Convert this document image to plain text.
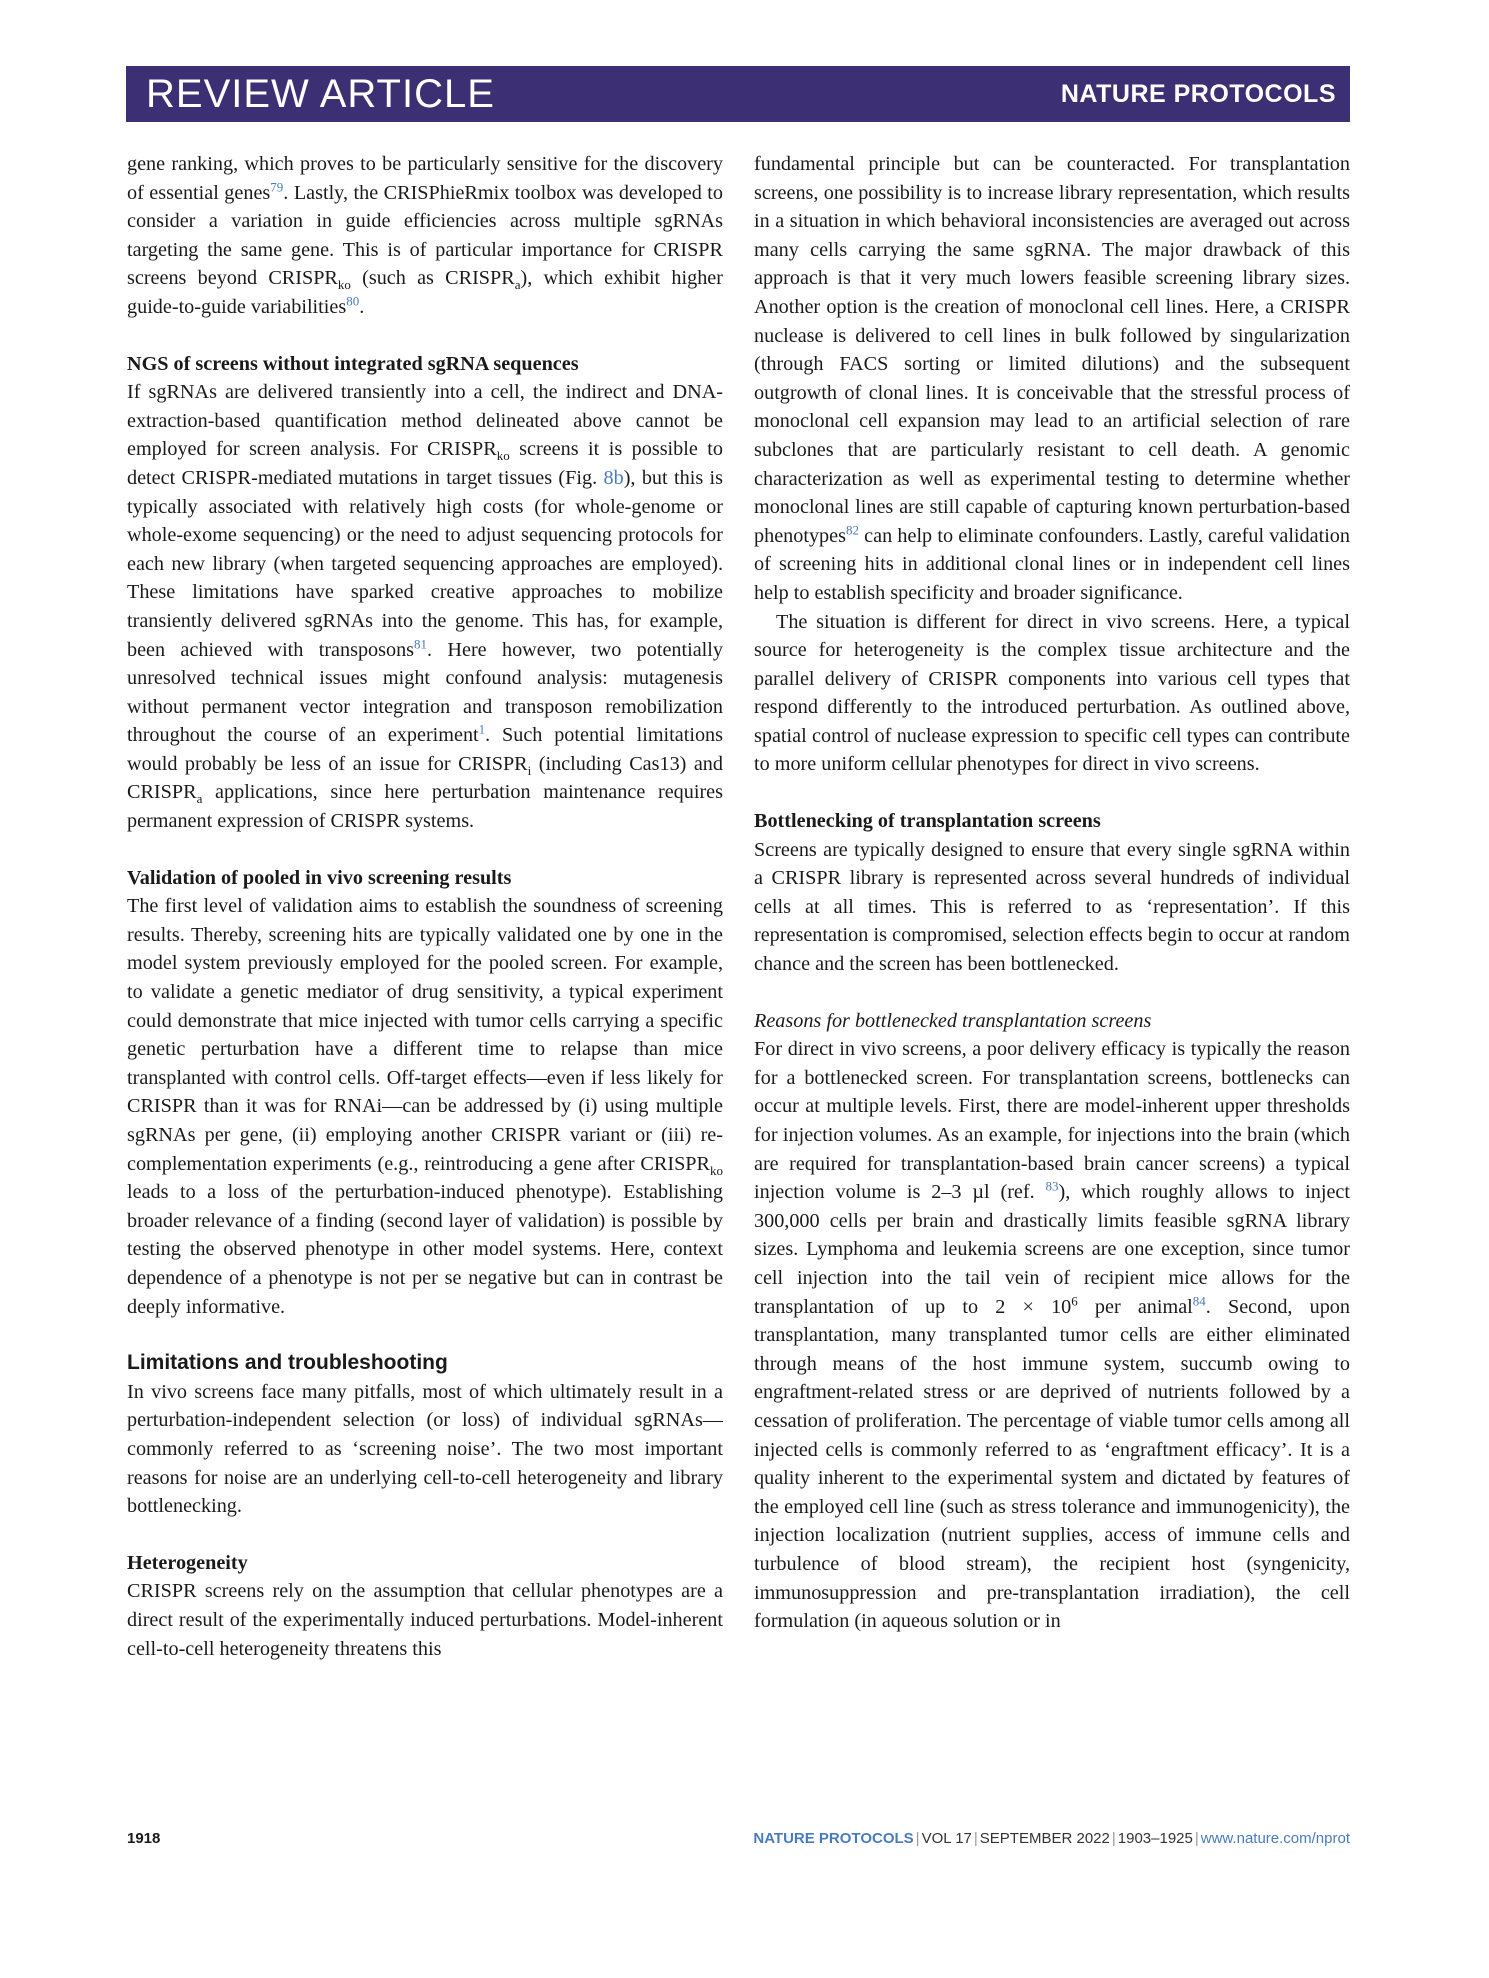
REVIEW ARTICLE	NATURE PROTOCOLS

gene ranking, which proves to be particularly sensitive for the discovery of essential genes$^{79}$. Lastly, the CRISPhieRmix toolbox was developed to consider a variation in guide efficiencies across multiple sgRNAs targeting the same gene. This is of particular importance for CRISPR screens beyond $CRISPR_{ko}$ (such as $CRISPR_a$), which exhibit higher guide-to-guide variabilities$^{80}$.

NGS of screens without integrated sgRNA sequences

If sgRNAs are delivered transiently into a cell, the indirect and DNA-extraction-based quantification method delineated above cannot be employed for screen analysis. For $CRISPR_{ko}$ screens it is possible to detect CRISPR-mediated mutations in target tissues (Fig. 8b), but this is typically associated with relatively high costs (for whole-genome or whole-exome sequencing) or the need to adjust sequencing protocols for each new library (when targeted sequencing approaches are employed). These limitations have sparked creative approaches to mobilize transiently delivered sgRNAs into the genome. This has, for example, been achieved with transposons$^{81}$. Here however, two potentially unresolved technical issues might confound analysis: mutagenesis without permanent vector integration and transposon remobilization throughout the course of an experiment$^1$. Such potential limitations would probably be less of an issue for $CRISPR_i$ (including Cas13) and $CRISPR_a$ applications, since here perturbation maintenance requires permanent expression of CRISPR systems.

Validation of pooled in vivo screening results

The first level of validation aims to establish the soundness of screening results. Thereby, screening hits are typically validated one by one in the model system previously employed for the pooled screen. For example, to validate a genetic mediator of drug sensitivity, a typical experiment could demonstrate that mice injected with tumor cells carrying a specific genetic perturbation have a different time to relapse than mice transplanted with control cells. Off-target effects—even if less likely for CRISPR than it was for RNAi—can be addressed by (i) using multiple sgRNAs per gene, (ii) employing another CRISPR variant or (iii) re-complementation experiments (e.g., reintroducing a gene after $CRISPR_{ko}$ leads to a loss of the perturbation-induced phenotype). Establishing broader relevance of a finding (second layer of validation) is possible by testing the observed phenotype in other model systems. Here, context dependence of a phenotype is not per se negative but can in contrast be deeply informative.

Limitations and troubleshooting

In vivo screens face many pitfalls, most of which ultimately result in a perturbation-independent selection (or loss) of individual sgRNAs—commonly referred to as ‘screening noise’. The two most important reasons for noise are an underlying cell-to-cell heterogeneity and library bottlenecking.

Heterogeneity

CRISPR screens rely on the assumption that cellular phenotypes are a direct result of the experimentally induced perturbations. Model-inherent cell-to-cell heterogeneity threatens this

fundamental principle but can be counteracted. For transplantation screens, one possibility is to increase library representation, which results in a situation in which behavioral inconsistencies are averaged out across many cells carrying the same sgRNA. The major drawback of this approach is that it very much lowers feasible screening library sizes. Another option is the creation of monoclonal cell lines. Here, a CRISPR nuclease is delivered to cell lines in bulk followed by singularization (through FACS sorting or limited dilutions) and the subsequent outgrowth of clonal lines. It is conceivable that the stressful process of monoclonal cell expansion may lead to an artificial selection of rare subclones that are particularly resistant to cell death. A genomic characterization as well as experimental testing to determine whether monoclonal lines are still capable of capturing known perturbation-based phenotypes$^{82}$ can help to eliminate confounders. Lastly, careful validation of screening hits in additional clonal lines or in independent cell lines help to establish specificity and broader significance.

The situation is different for direct in vivo screens. Here, a typical source for heterogeneity is the complex tissue architecture and the parallel delivery of CRISPR components into various cell types that respond differently to the introduced perturbation. As outlined above, spatial control of nuclease expression to specific cell types can contribute to more uniform cellular phenotypes for direct in vivo screens.

Bottlenecking of transplantation screens

Screens are typically designed to ensure that every single sgRNA within a CRISPR library is represented across several hundreds of individual cells at all times. This is referred to as ‘representation’. If this representation is compromised, selection effects begin to occur at random chance and the screen has been bottlenecked.

Reasons for bottlenecked transplantation screens

For direct in vivo screens, a poor delivery efficacy is typically the reason for a bottlenecked screen. For transplantation screens, bottlenecks can occur at multiple levels. First, there are model-inherent upper thresholds for injection volumes. As an example, for injections into the brain (which are required for transplantation-based brain cancer screens) a typical injection volume is 2–3 µl (ref. $^{83}$), which roughly allows to inject 300,000 cells per brain and drastically limits feasible sgRNA library sizes. Lymphoma and leukemia screens are one exception, since tumor cell injection into the tail vein of recipient mice allows for the transplantation of up to $2 \times 10^6$ per animal$^{84}$. Second, upon transplantation, many transplanted tumor cells are either eliminated through means of the host immune system, succumb owing to engraftment-related stress or are deprived of nutrients followed by a cessation of proliferation. The percentage of viable tumor cells among all injected cells is commonly referred to as ‘engraftment efficacy’. It is a quality inherent to the experimental system and dictated by features of the employed cell line (such as stress tolerance and immunogenicity), the injection localization (nutrient supplies, access of immune cells and turbulence of blood stream), the recipient host (syngenicity, immunosuppression and pre-transplantation irradiation), the cell formulation (in aqueous solution or in

1918	NATURE PROTOCOLS | VOL 17 | SEPTEMBER 2022 | 1903–1925 | www.nature.com/nprot
